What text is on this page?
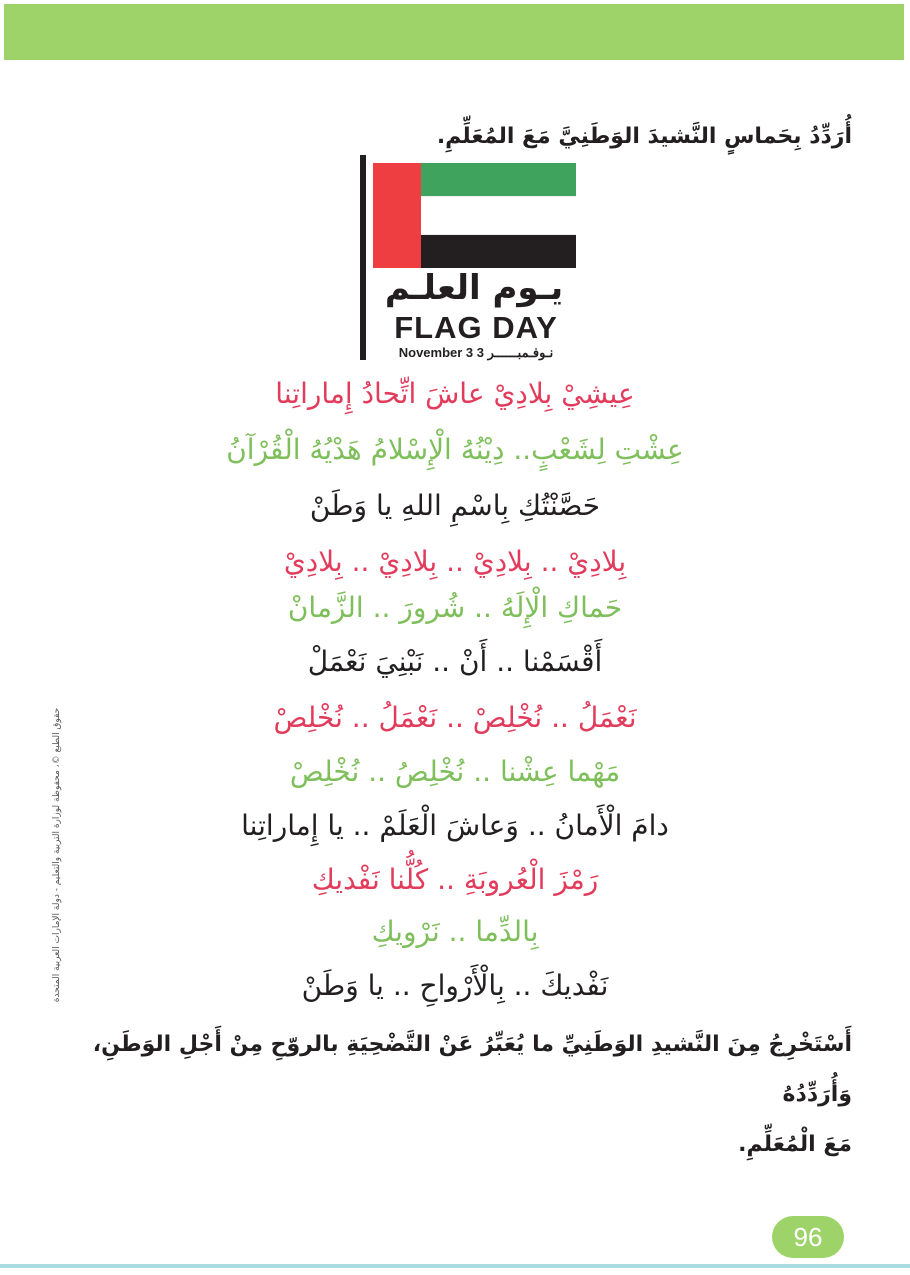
أُرَدِّدُ بِحَماسٍ النَّشيدَ الوَطَنِيَّ مَعَ المُعَلِّمِ.
يـوم العلـم
FLAG DAY
November 3 نـوفـمبــــــر 3
عِيشِيْ بِلادِيْ عاشَ اتِّحادُ إِماراتِنا
عِشْتِ لِشَعْبٍ.. دِيْنُهُ الْإِسْلامُ هَدْيُهُ الْقُرْآنُ
حَصَّنْتُكِ بِاسْمِ اللهِ يا وَطَنْ
بِلادِيْ .. بِلادِيْ .. بِلادِيْ .. بِلادِيْ
حَماكِ الْإِلَهُ .. شُرورَ .. الزَّمانْ
أَقْسَمْنا .. أَنْ .. نَبْنِيَ نَعْمَلْ
نَعْمَلُ .. نُخْلِصْ .. نَعْمَلُ .. نُخْلِصْ
مَهْما عِشْنا .. نُخْلِصُ .. نُخْلِصْ
دامَ الْأَمانُ .. وَعاشَ الْعَلَمْ .. يا إِماراتِنا
رَمْزَ الْعُروبَةِ .. كُلُّنا نَفْديكِ
بِالدِّما .. نَرْويكِ
نَفْديكَ .. بِالْأَرْواحِ .. يا وَطَنْ
أَسْتَخْرِجُ مِنَ النَّشيدِ الوَطَنِيِّ ما يُعَبِّرُ عَنْ التَّضْحِيَةِ بالروّحِ مِنْ أَجْلِ الوَطَنِ، وَأُرَدِّدُهُ
مَعَ الْمُعَلِّمِ.
حقوق الطبع ©، محفوظة لوزارة التربية والتعليم - دولة الإمارات العربية المتحدة
96
